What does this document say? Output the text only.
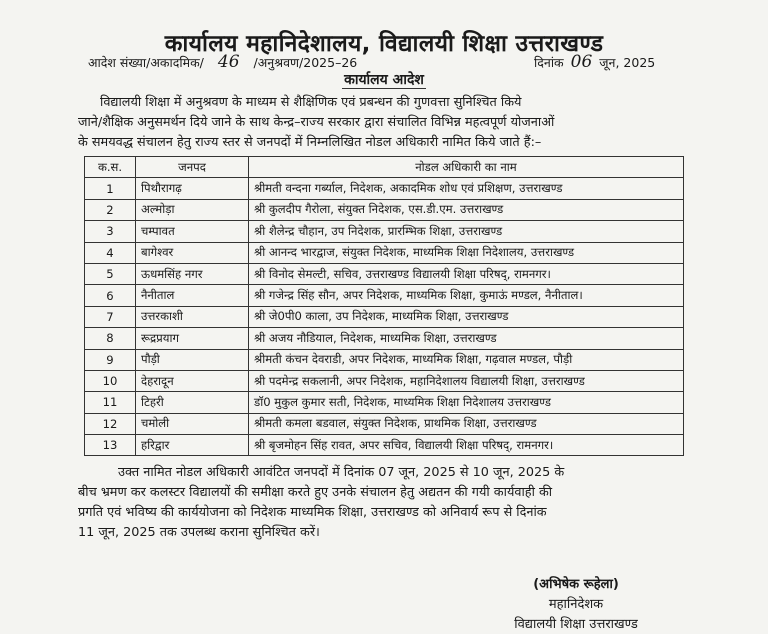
कार्यालय महानिदेशालय, विद्यालयी शिक्षा उत्तराखण्ड
आदेश संख्या/अकादमिक/ 46 /अनुश्रवण/2025–26	दिनांक 06 जून, 2025
कार्यालय आदेश

विद्यालयी शिक्षा में अनुश्रवण के माध्यम से शैक्षिणिक एवं प्रबन्धन की गुणवत्ता सुनिश्चित किये

जाने/शैक्षिक अनुसमर्थन दिये जाने के साथ केन्द्र–राज्य सरकार द्वारा संचालित विभिन्न महत्वपूर्ण योजनाओं

के समयवद्ध संचालन हेतु राज्य स्तर से जनपदों में निम्नलिखित नोडल अधिकारी नामित किये जाते हैं:–

क.स.	जनपद	नोडल अधिकारी का नाम
1	पिथौरागढ़	श्रीमती वन्दना गर्ब्याल, निदेशक, अकादमिक शोध एवं प्रशिक्षण, उत्तराखण्ड
2	अल्मोड़ा	श्री कुलदीप गैरोला, संयुक्त निदेशक, एस.डी.एम. उत्तराखण्ड
3	चम्पावत	श्री शैलेन्द्र चौहान, उप निदेशक, प्रारम्भिक शिक्षा, उत्तराखण्ड
4	बागेश्वर	श्री आनन्द भारद्वाज, संयुक्त निदेशक, माध्यमिक शिक्षा निदेशालय, उत्तराखण्ड
5	ऊधमसिंह नगर	श्री विनोद सेमल्टी, सचिव, उत्तराखण्ड विद्यालयी शिक्षा परिषद्, रामनगर।
6	नैनीताल	श्री गजेन्द्र सिंह सौन, अपर निदेशक, माध्यमिक शिक्षा, कुमाऊं मण्डल, नैनीताल।
7	उत्तरकाशी	श्री जे0पी0 काला, उप निदेशक, माध्यमिक शिक्षा, उत्तराखण्ड
8	रूद्रप्रयाग	श्री अजय नौडियाल, निदेशक, माध्यमिक शिक्षा, उत्तराखण्ड
9	पौड़ी	श्रीमती कंचन देवराडी, अपर निदेशक, माध्यमिक शिक्षा, गढ़वाल मण्डल, पौड़ी
10	देहरादून	श्री पदमेन्द्र सकलानी, अपर निदेशक, महानिदेशालय विद्यालयी शिक्षा, उत्तराखण्ड
11	टिहरी	डॉ0 मुकुल कुमार सती, निदेशक, माध्यमिक शिक्षा निदेशालय उत्तराखण्ड
12	चमोली	श्रीमती कमला बडवाल, संयुक्त निदेशक, प्राथमिक शिक्षा, उत्तराखण्ड
13	हरिद्वार	श्री बृजमोहन सिंह रावत, अपर सचिव, विद्यालयी शिक्षा परिषद्, रामनगर।

उक्त नामित नोडल अधिकारी आवंटित जनपदों में दिनांक 07 जून, 2025 से 10 जून, 2025 के

बीच भ्रमण कर कलस्टर विद्यालयों की समीक्षा करते हुए उनके संचालन हेतु अद्यतन की गयी कार्यवाही की

प्रगति एवं भविष्य की कार्ययोजना को निदेशक माध्यमिक शिक्षा, उत्तराखण्ड को अनिवार्य रूप से दिनांक

11 जून, 2025 तक उपलब्ध कराना सुनिश्चित करें।

(अभिषेक रूहेला)
महानिदेशक
विद्यालयी शिक्षा उत्तराखण्ड
